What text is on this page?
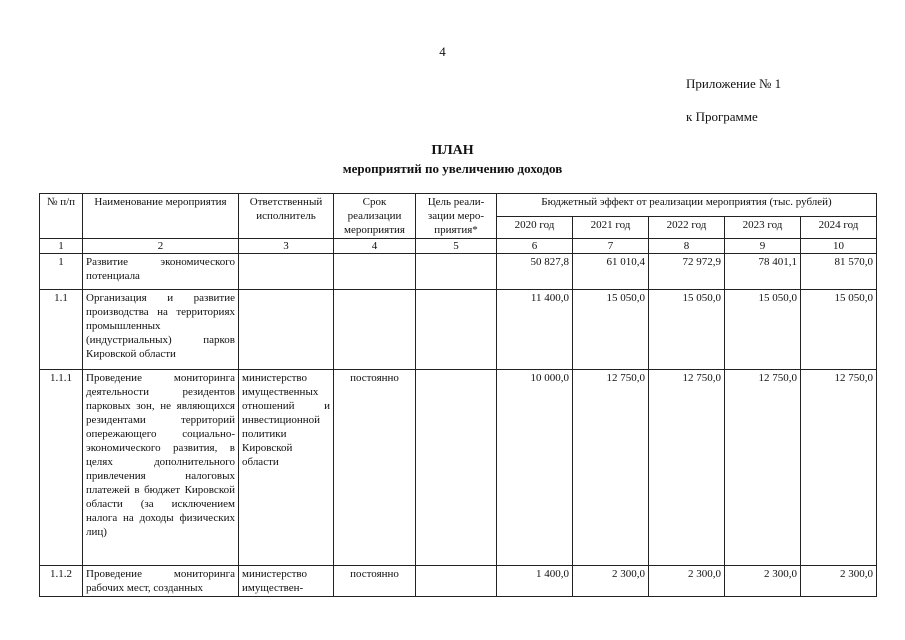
4
Приложение № 1
к Программе
ПЛАН
мероприятий по увеличению доходов
№ п/п	Наименование мероприятия	Ответственный исполнитель	Срок реализации мероприятия	Цель реали-зации меро-приятия*	Бюджетный эффект от реализации мероприятия (тыс. рублей)				
					2020 год	2021 год	2022 год	2023 год	2024 год
1	2	3	4	5	6	7	8	9	10
1	Развитие экономического потенциала				50 827,8	61 010,4	72 972,9	78 401,1	81 570,0
1.1	Организация и развитие производства на территориях промышленных (индустриальных) парков Кировской области				11 400,0	15 050,0	15 050,0	15 050,0	15 050,0
1.1.1	Проведение мониторинга деятельности резидентов парковых зон, не являющихся резидентами территорий опережающего социально-экономического развития, в целях дополнительного привлечения налоговых платежей в бюджет Кировской области (за исключением налога на доходы физических лиц)	министерство имущественных отношений и инвестиционной политики Кировской области	постоянно		10 000,0	12 750,0	12 750,0	12 750,0	12 750,0
1.1.2	Проведение мониторинга рабочих мест, созданных	министерство имуществен-	постоянно		1 400,0	2 300,0	2 300,0	2 300,0	2 300,0
